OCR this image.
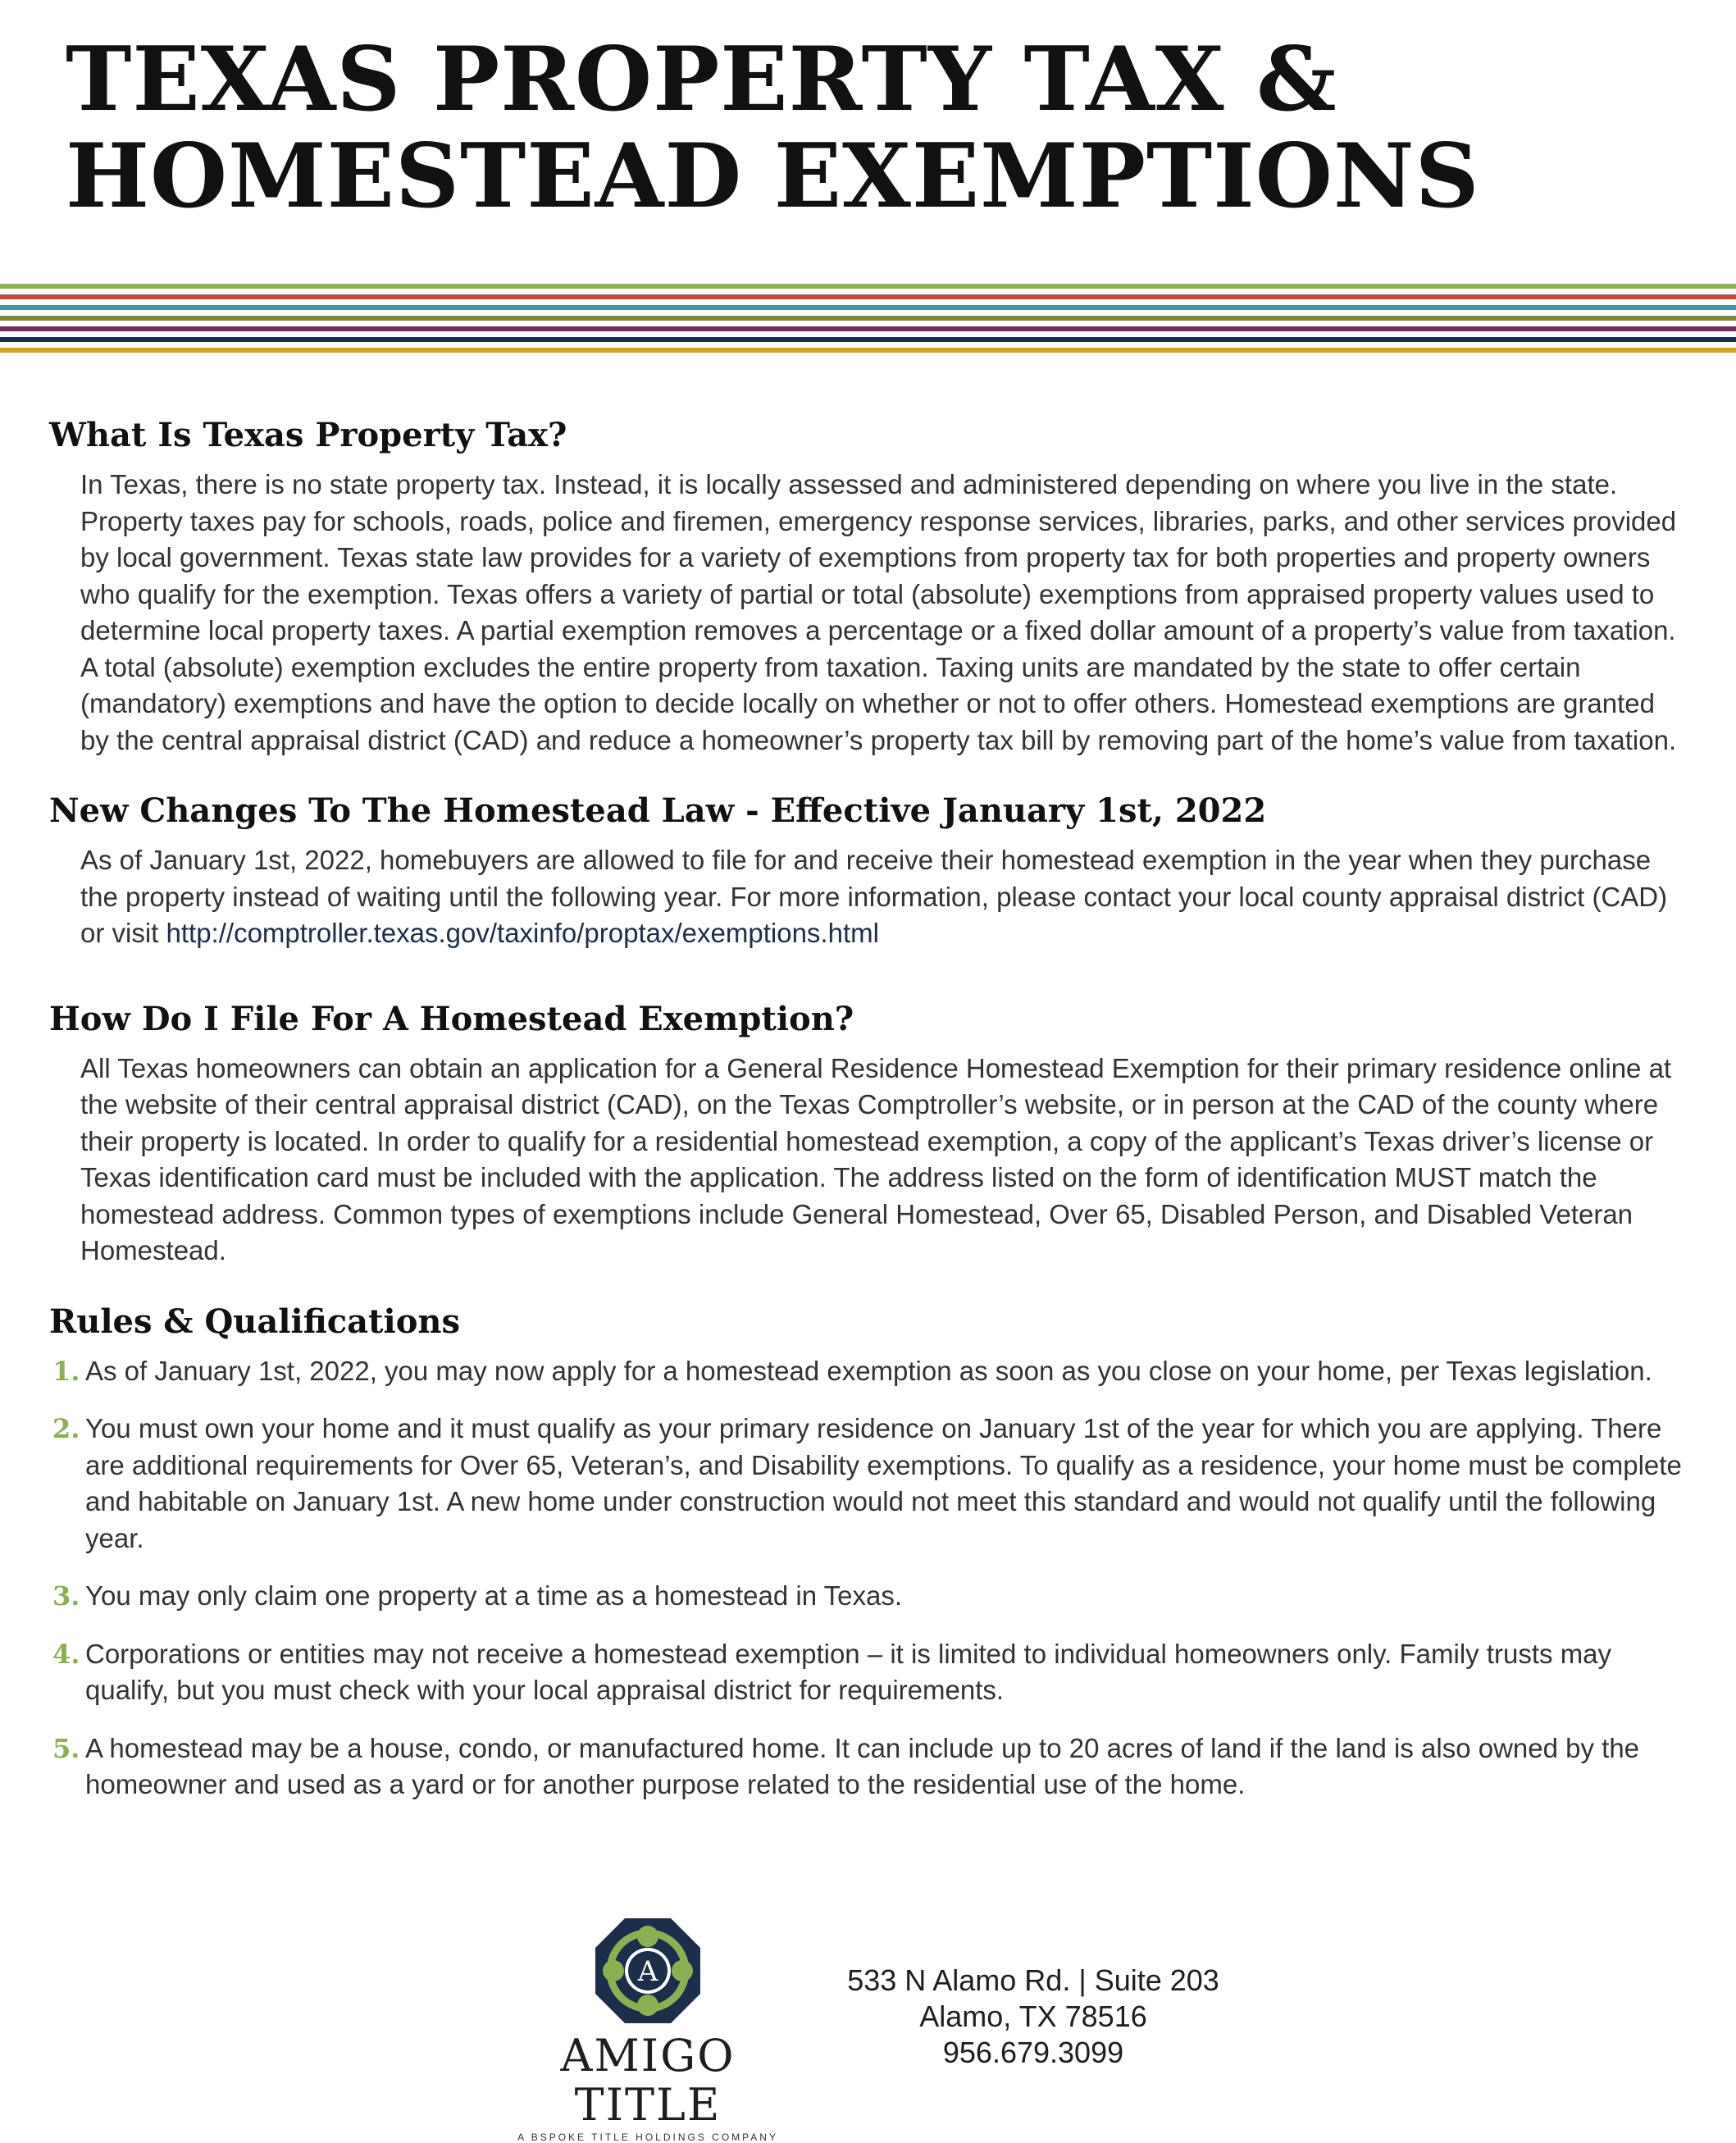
TEXAS PROPERTY TAX &
HOMESTEAD EXEMPTIONS
What Is Texas Property Tax?

In Texas, there is no state property tax. Instead, it is locally assessed and administered depending on where you live in the state. Property taxes pay for schools, roads, police and firemen, emergency response services, libraries, parks, and other services provided by local government. Texas state law provides for a variety of exemptions from property tax for both properties and property owners who qualify for the exemption. Texas offers a variety of partial or total (absolute) exemptions from appraised property values used to determine local property taxes. A partial exemption removes a percentage or a fixed dollar amount of a property’s value from taxation. A total (absolute) exemption excludes the entire property from taxation. Taxing units are mandated by the state to offer certain (mandatory) exemptions and have the option to decide locally on whether or not to offer others. Homestead exemptions are granted by the central appraisal district (CAD) and reduce a homeowner’s property tax bill by removing part of the home’s value from taxation.

New Changes To The Homestead Law - Effective January 1st, 2022

As of January 1st, 2022, homebuyers are allowed to file for and receive their homestead exemption in the year when they purchase the property instead of waiting until the following year. For more information, please contact your local county appraisal district (CAD) or visit http://comptroller.texas.gov/taxinfo/proptax/exemptions.html

How Do I File For A Homestead Exemption?

All Texas homeowners can obtain an application for a General Residence Homestead Exemption for their primary residence online at the website of their central appraisal district (CAD), on the Texas Comptroller’s website, or in person at the CAD of the county where their property is located. In order to qualify for a residential homestead exemption, a copy of the applicant’s Texas driver’s license or Texas identification card must be included with the application. The address listed on the form of identification MUST match the homestead address. Common types of exemptions include General Homestead, Over 65, Disabled Person, and Disabled Veteran Homestead.

Rules & Qualifications
1. As of January 1st, 2022, you may now apply for a homestead exemption as soon as you close on your home, per Texas legislation.
2. You must own your home and it must qualify as your primary residence on January 1st of the year for which you are applying. There are additional requirements for Over 65, Veteran’s, and Disability exemptions. To qualify as a residence, your home must be complete and habitable on January 1st. A new home under construction would not meet this standard and would not qualify until the following year.
3. You may only claim one property at a time as a homestead in Texas.
4. Corporations or entities may not receive a homestead exemption – it is limited to individual homeowners only. Family trusts may qualify, but you must check with your local appraisal district for requirements.
5. A homestead may be a house, condo, or manufactured home. It can include up to 20 acres of land if the land is also owned by the homeowner and used as a yard or for another purpose related to the residential use of the home.
A
AMIGO TITLE
A BSPOKE TITLE HOLDINGS COMPANY
533 N Alamo Rd. | Suite 203
Alamo, TX 78516
956.679.3099
